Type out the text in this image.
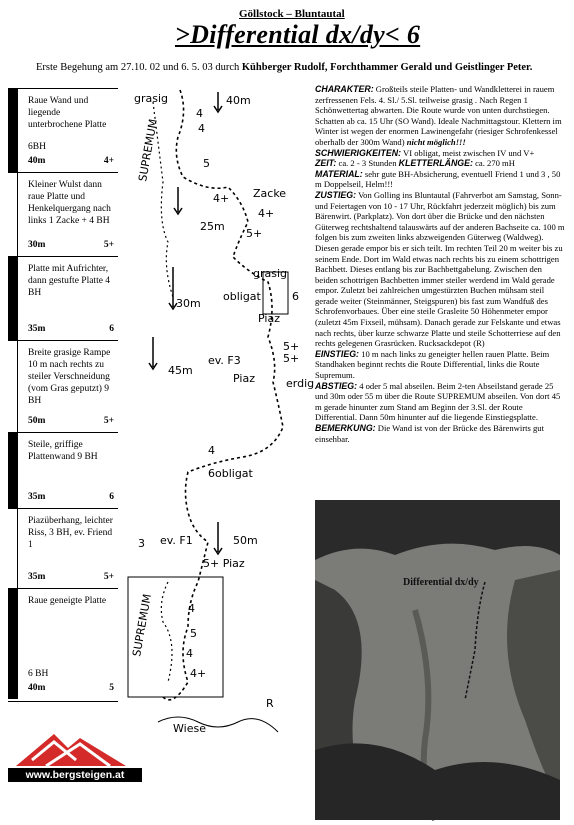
Göllstock – Bluntautal
>Differential dx/dy< 6
Erste Begehung am 27.10. 02 und 6. 5. 03 durch Kühberger Rudolf, Forchthammer Gerald und Geistlinger Peter.
Raue Wand und liegende unterbrochene Platte
6BH
40m	4+
Kleiner Wulst dann raue Platte und Henkelquergang nach links 1 Zacke + 4 BH
30m	5+
Platte mit Aufrichter, dann gestufte Platte 4 BH
35m	6
Breite grasige Rampe 10 m nach rechts zu steiler Verschneidung (vom Gras geputzt) 9 BH
50m	5+
Steile, griffige Plattenwand 9 BH
35m	6
Piazüberhang, leichter Riss, 3 BH, ev. Friend 1
35m	5+
Raue geneigte Platte
6 BH
40m	5
grasig	40m
4
4
SUPREMUM	5
Zacke
4+
4+
25m
5+
grasig
obligat	6
30m
Piaz
5+
ev. F3
45m
Piaz
5+
erdig
4
6obligat
3 ev. F1	50m
5+ Piaz
SUPREMUM	4
5
4
4+
Wiese
R

CHARAKTER: Großteils steile Platten- und Wandkletterei in rauem zerfressenen Fels. 4. Sl./ 5.Sl. teilweise grasig . Nach Regen 1 Schönwettertag abwarten. Die Route wurde von unten durchstiegen. Schatten ab ca. 15 Uhr (SO Wand). Ideale Nachmittagstour. Klettern im Winter ist wegen der enormen Lawinengefahr (riesiger Schrofenkessel oberhalb der 300m Wand) nicht möglich!!!

SCHWIERIGKEITEN: VI obligat, meist zwischen IV und V+

ZEIT: ca. 2 - 3 Stunden KLETTERLÄNGE: ca. 270 mH

MATERIAL: sehr gute BH-Absicherung, eventuell Friend 1 und 3 , 50 m Doppelseil, Helm!!!

ZUSTIEG: Von Golling ins Bluntautal (Fahrverbot am Samstag, Sonn- und Feiertagen von 10 - 17 Uhr, Rückfahrt jederzeit möglich) bis zum Bärenwirt. (Parkplatz). Von dort über die Brücke und den nächsten Güterweg rechtshaltend talauswärts auf der anderen Bachseite ca. 100 m folgen bis zum zweiten links abzweigenden Güterweg (Waldweg). Diesen gerade empor bis er sich teilt. Im rechten Teil 20 m weiter bis zu seinem Ende. Dort im Wald etwas nach rechts bis zu einem schottrigen Bachbett. Dieses entlang bis zur Bachbettgabelung. Zwischen den beiden schottrigen Bachbetten immer steiler werdend im Wald gerade empor. Zuletzt bei zahlreichen umgestürzten Buchen mühsam steil gerade weiter (Steinmänner, Steigspuren) bis fast zum Wandfuß des Schrofenvorbaues. Über eine steile Grasleite 50 Höhenmeter empor (zuletzt 45m Fixseil, mühsam). Danach gerade zur Felskante und etwas nach rechts, über kurze schwarze Platte und steile Schotterriese auf den rechts gelegenen Grasrücken. Rucksackdepot (R)

EINSTIEG: 10 m nach links zu geneigter hellen rauen Platte. Beim Standhaken beginnt rechts die Route Differential, links die Route Supremum.

ABSTIEG: 4 oder 5 mal abseilen. Beim 2-ten Abseilstand gerade 25 und 30m oder 55 m über die Route SUPREMUM abseilen. Von dort 45 m gerade hinunter zum Stand am Beginn der 3.Sl. der Route Differential. Dann 50m hinunter auf die liegende Einstiegsplatte. BEMERKUNG: Die Wand ist von der Brücke des Bärenwirts gut einsehbar.

Differential dx/dy
www.bergsteigen.at
